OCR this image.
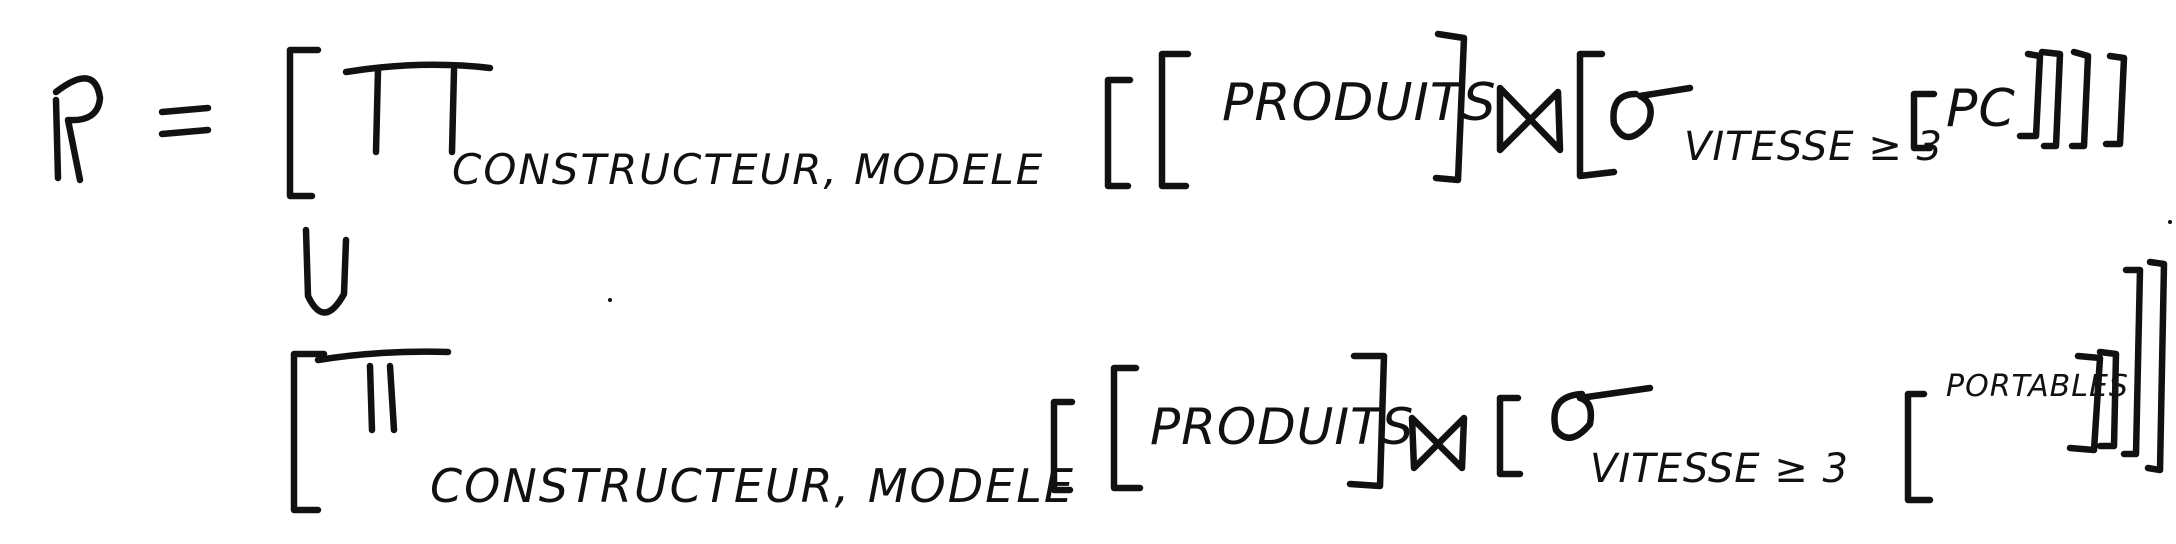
CONSTRUCTEUR, MODELE
PRODUITS
VITESSE ≥ 3
PC
CONSTRUCTEUR, MODELE
PRODUITS
VITESSE ≥ 3
PORTABLES
